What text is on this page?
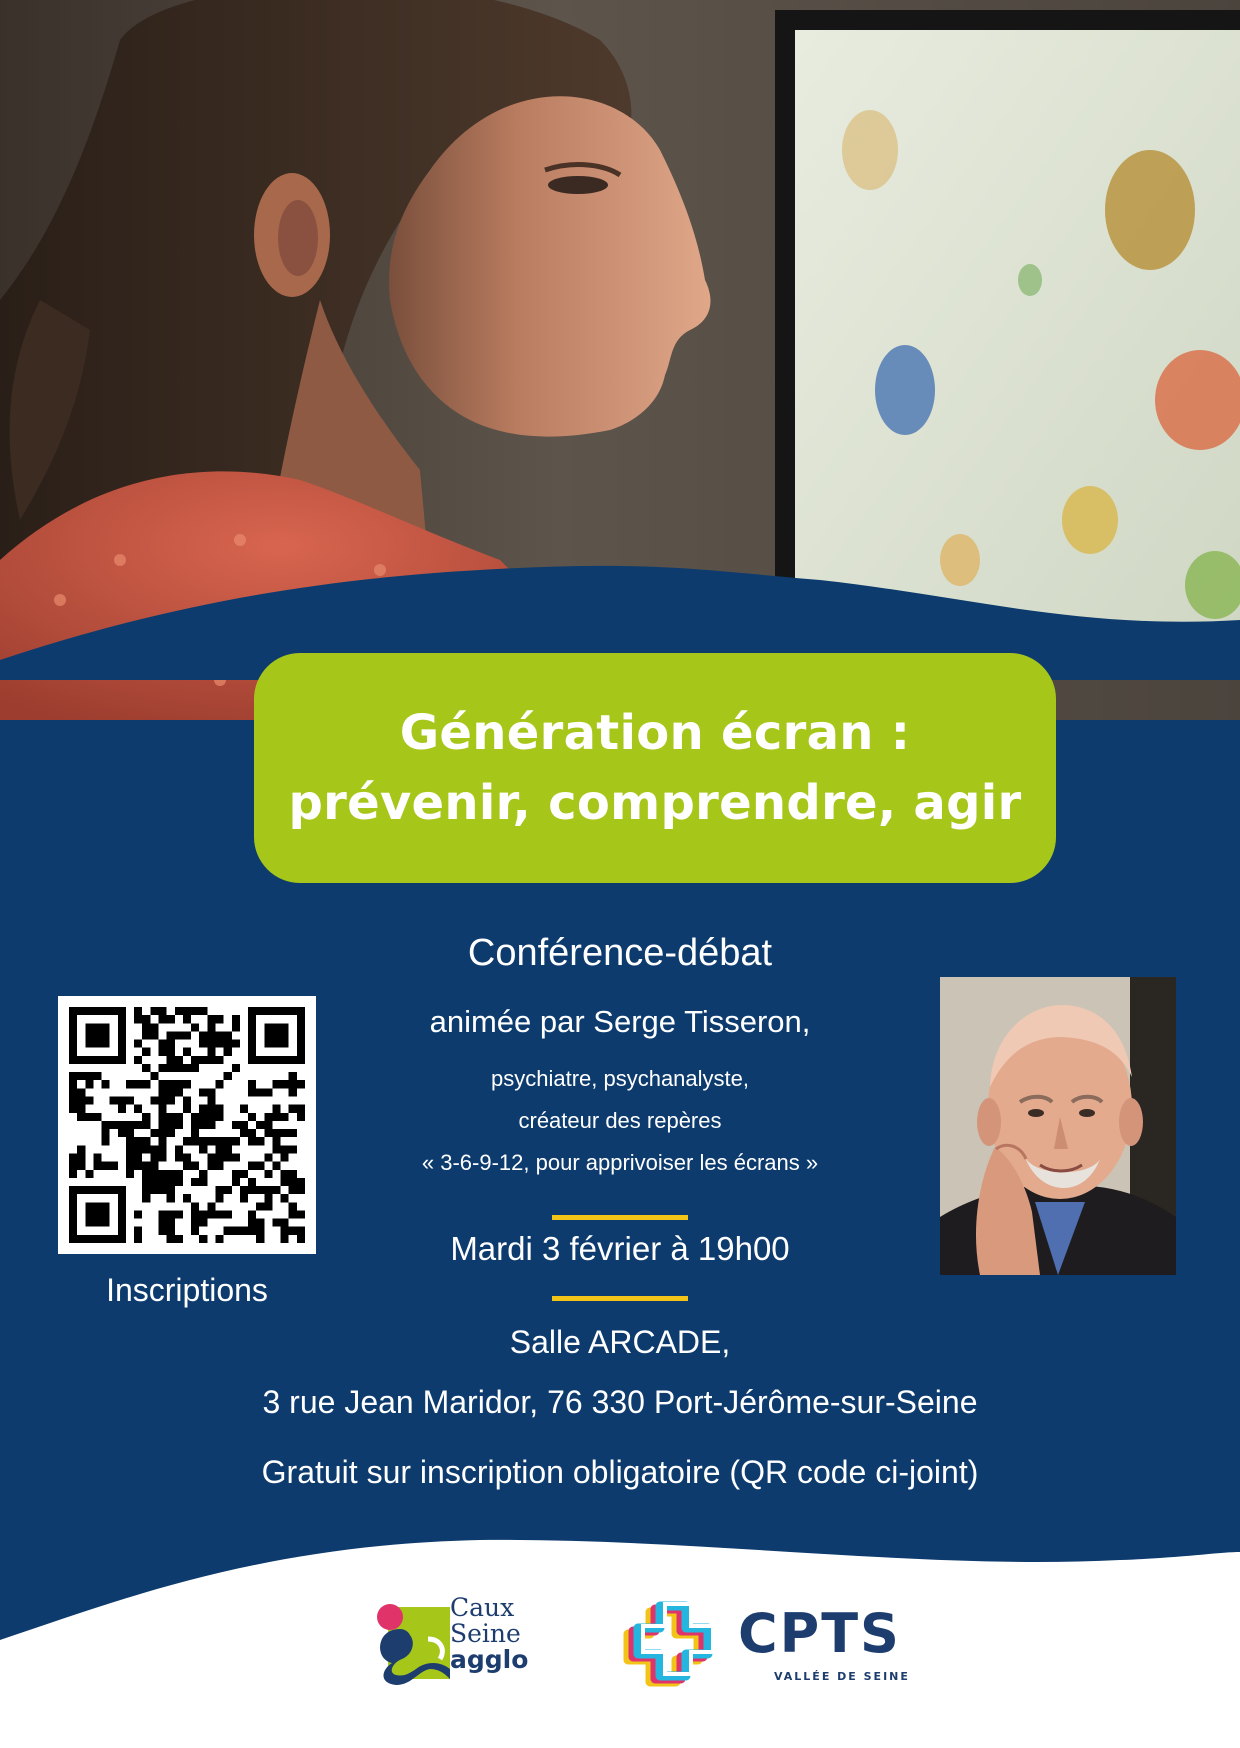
Génération écran :
prévenir, comprendre, agir
Conférence-débat
animée par Serge Tisseron,
psychiatre, psychanalyste,
créateur des repères
« 3-6-9-12, pour apprivoiser les écrans »
Mardi 3 février à 19h00
Salle ARCADE,
3 rue Jean Maridor, 76 330 Port-Jérôme-sur-Seine
Gratuit sur inscription obligatoire (QR code ci-joint)
Inscriptions
Caux
Seine
agglo	CPTS
VALLÉE DE SEINE
